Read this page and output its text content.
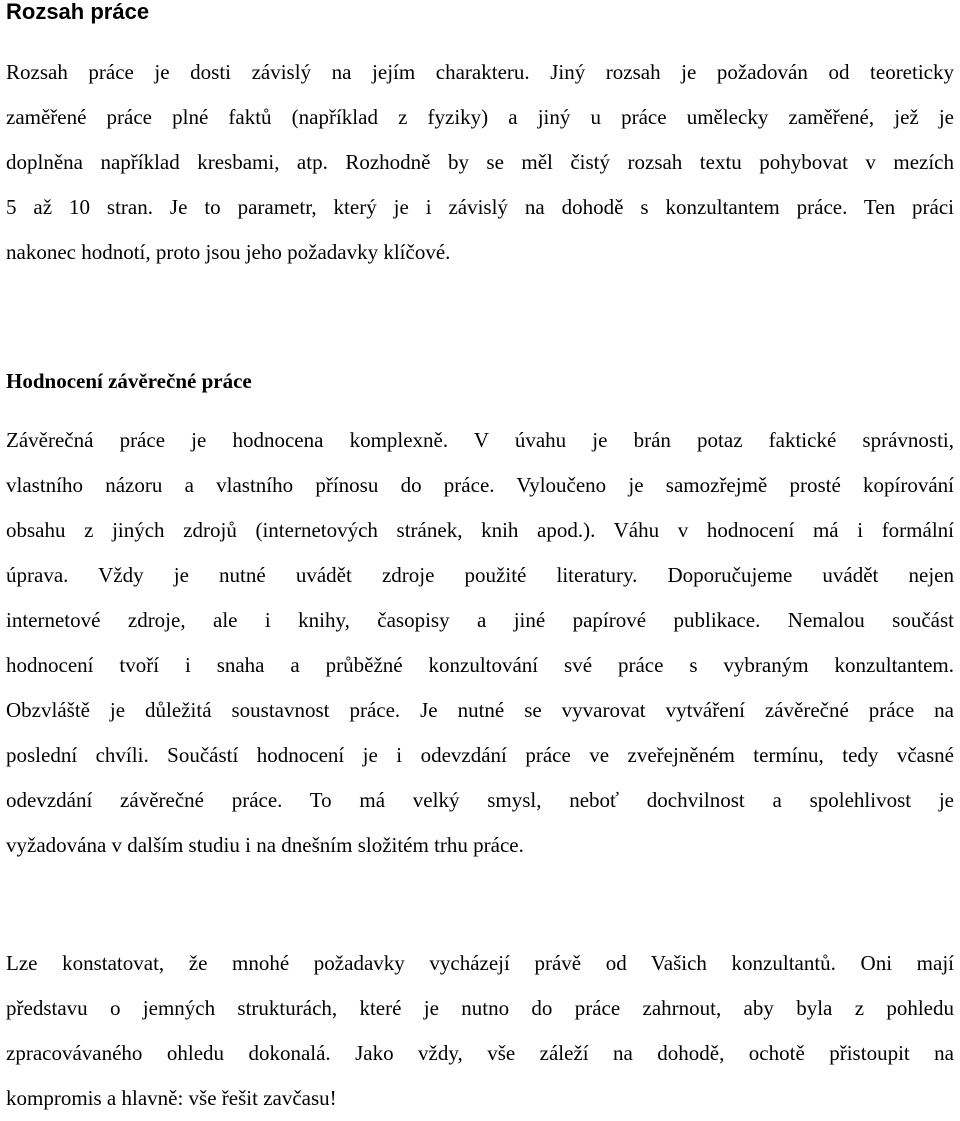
Rozsah práce

Rozsah práce je dosti závislý na jejím charakteru. Jiný rozsah je požadován od teoreticky
zaměřené práce plné faktů (například z fyziky) a jiný u práce umělecky zaměřené, jež je
doplněna například kresbami, atp. Rozhodně by se měl čistý rozsah textu pohybovat v mezích
5 až 10 stran. Je to parametr, který je i závislý na dohodě s konzultantem práce. Ten práci
nakonec hodnotí, proto jsou jeho požadavky klíčové.

Hodnocení závěrečné práce

Závěrečná práce je hodnocena komplexně. V úvahu je brán potaz faktické správnosti,
vlastního názoru a vlastního přínosu do práce. Vyloučeno je samozřejmě prosté kopírování
obsahu z jiných zdrojů (internetových stránek, knih apod.). Váhu v hodnocení má i formální
úprava. Vždy je nutné uvádět zdroje použité literatury. Doporučujeme uvádět nejen
internetové zdroje, ale i knihy, časopisy a jiné papírové publikace. Nemalou součást
hodnocení tvoří i snaha a průběžné konzultování své práce s vybraným konzultantem.
Obzvláště je důležitá soustavnost práce. Je nutné se vyvarovat vytváření závěrečné práce na
poslední chvíli. Součástí hodnocení je i odevzdání práce ve zveřejněném termínu, tedy včasné
odevzdání závěrečné práce. To má velký smysl, neboť dochvilnost a spolehlivost je
vyžadována v dalším studiu i na dnešním složitém trhu práce.

Lze konstatovat, že mnohé požadavky vycházejí právě od Vašich konzultantů. Oni mají
představu o jemných strukturách, které je nutno do práce zahrnout, aby byla z pohledu
zpracovávaného ohledu dokonalá. Jako vždy, vše záleží na dohodě, ochotě přistoupit na
kompromis a hlavně: vše řešit zavčasu!
